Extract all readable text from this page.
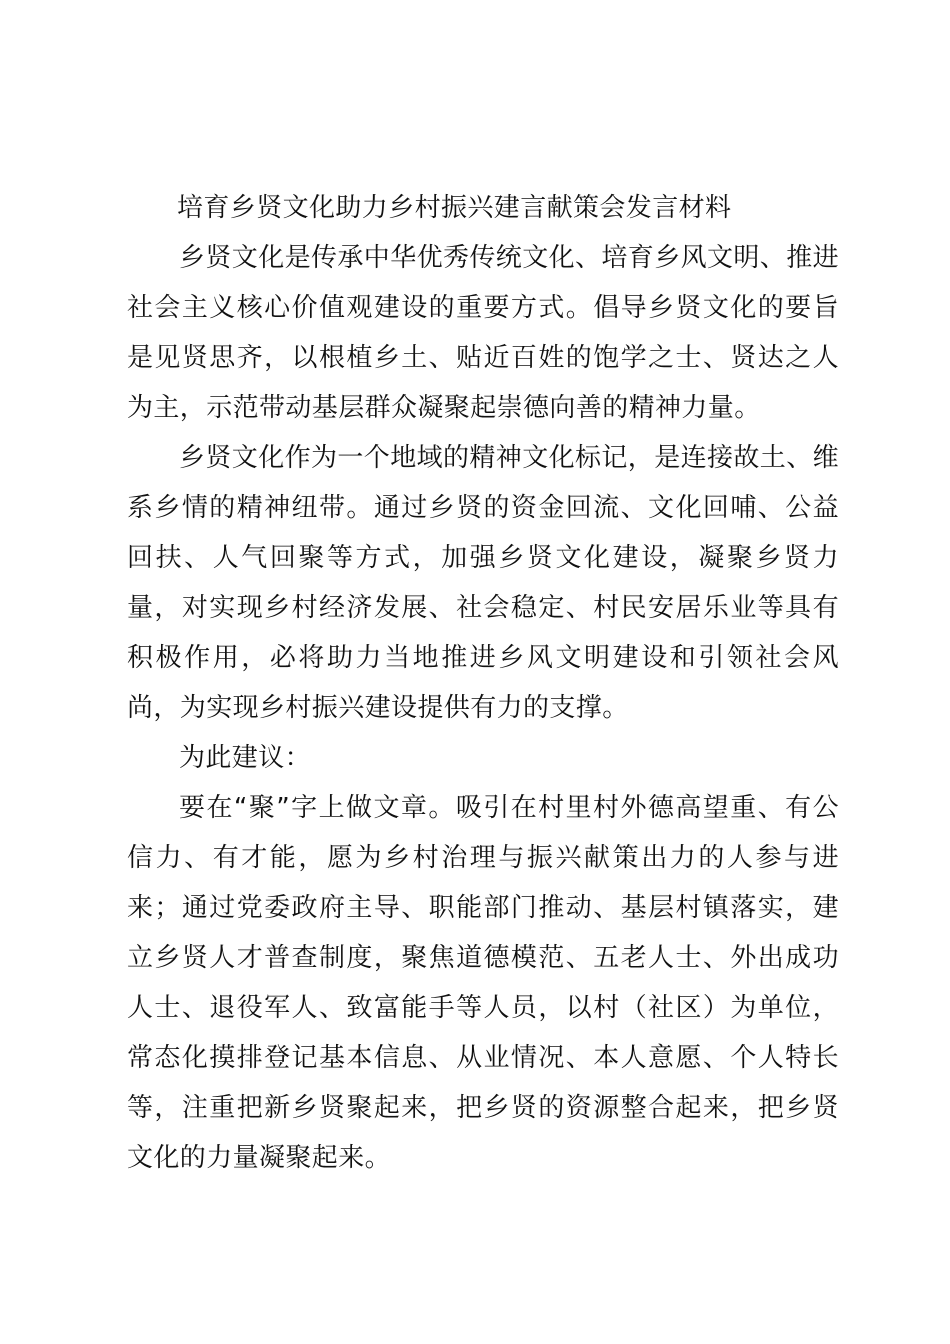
培育乡贤文化助力乡村振兴建言献策会发言材料

乡贤文化是传承中华优秀传统文化、培育乡风文明、推进社会主义核心价值观建设的重要方式。倡导乡贤文化的要旨是见贤思齐，以根植乡土、贴近百姓的饱学之士、贤达之人为主，示范带动基层群众凝聚起崇德向善的精神力量。

乡贤文化作为一个地域的精神文化标记，是连接故土、维系乡情的精神纽带。通过乡贤的资金回流、文化回哺、公益回扶、人气回聚等方式，加强乡贤文化建设，凝聚乡贤力量，对实现乡村经济发展、社会稳定、村民安居乐业等具有积极作用，必将助力当地推进乡风文明建设和引领社会风尚，为实现乡村振兴建设提供有力的支撑。

为此建议：

要在“聚”字上做文章。吸引在村里村外德高望重、有公信力、有才能，愿为乡村治理与振兴献策出力的人参与进来；通过党委政府主导、职能部门推动、基层村镇落实，建立乡贤人才普查制度，聚焦道德模范、五老人士、外出成功人士、退役军人、致富能手等人员，以村（社区）为单位，常态化摸排登记基本信息、从业情况、本人意愿、个人特长等，注重把新乡贤聚起来，把乡贤的资源整合起来，把乡贤文化的力量凝聚起来。
